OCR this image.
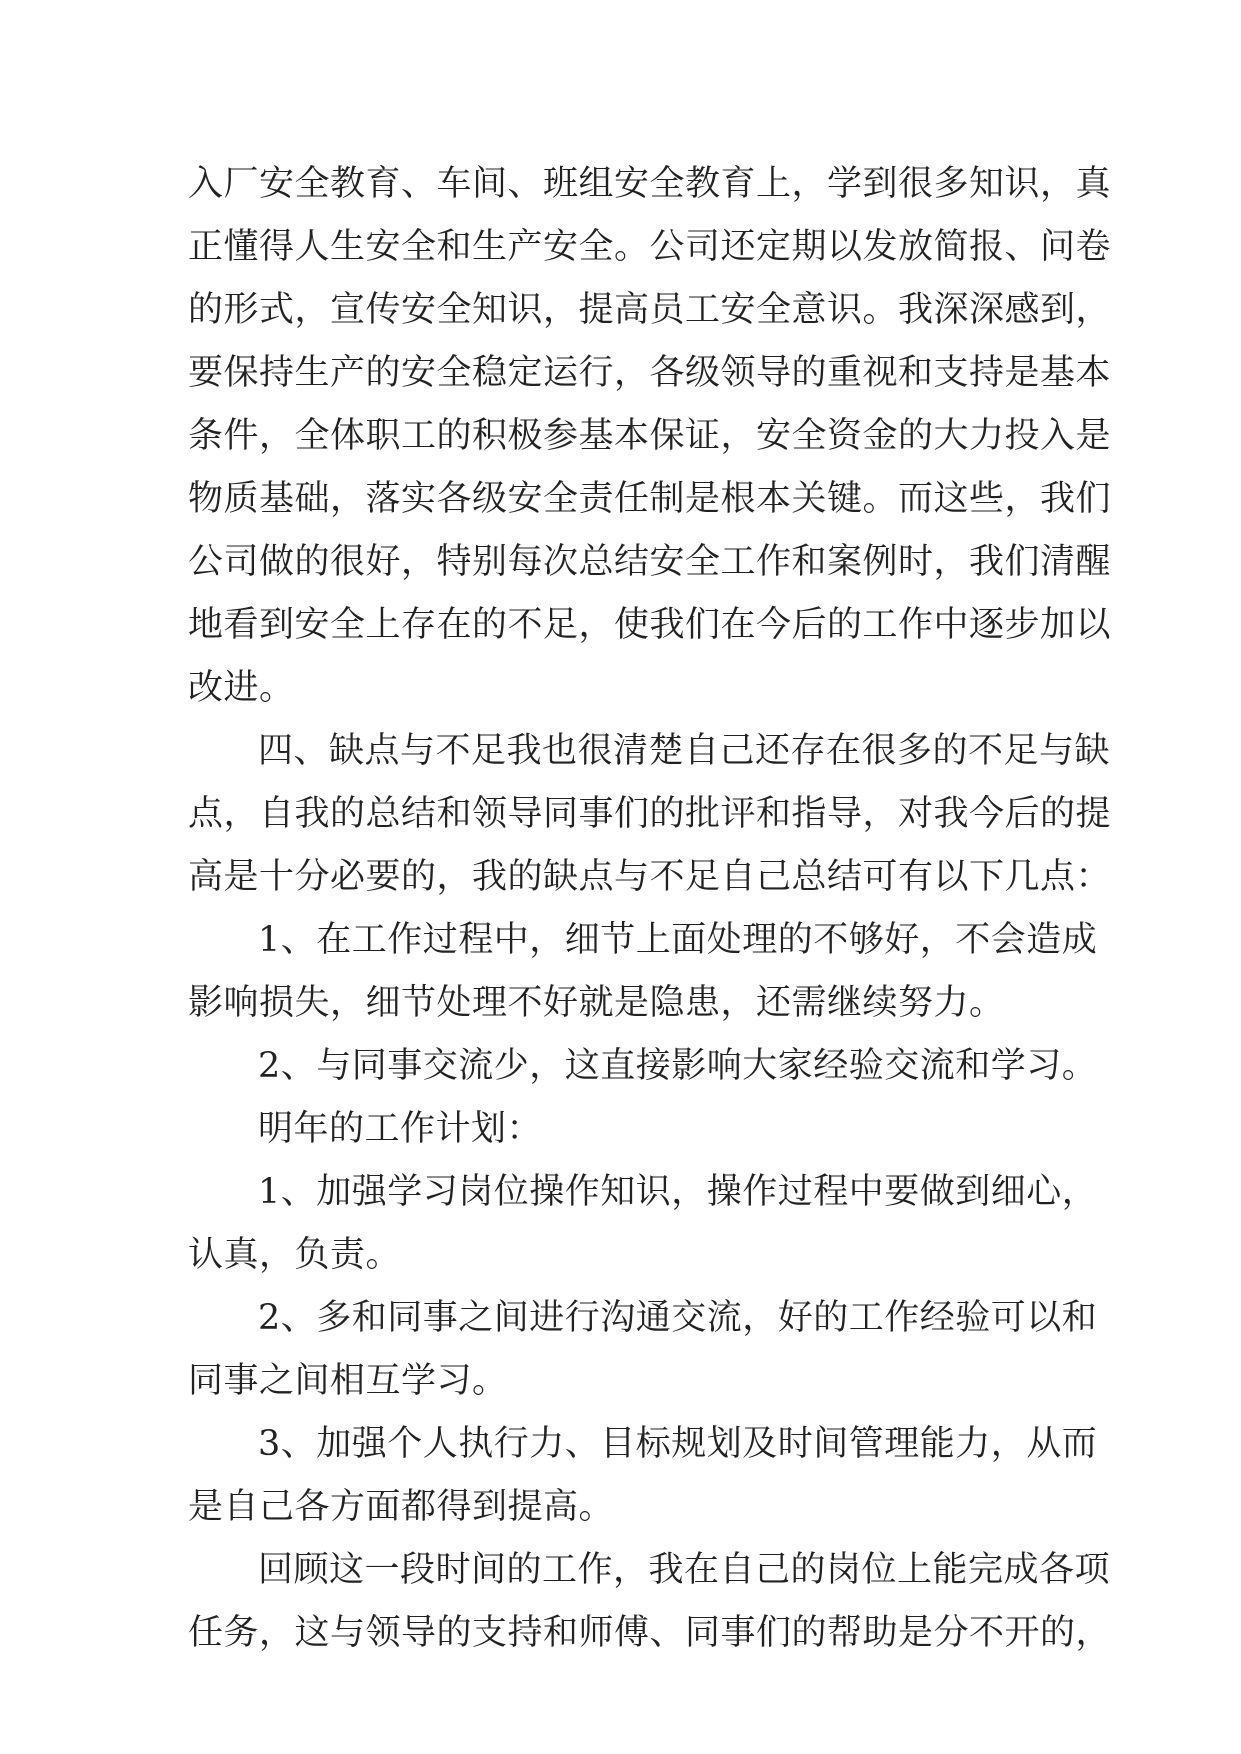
入厂安全教育、车间、班组安全教育上，学到很多知识，真
正懂得人生安全和生产安全。公司还定期以发放简报、问卷
的形式，宣传安全知识，提高员工安全意识。我深深感到，
要保持生产的安全稳定运行，各级领导的重视和支持是基本
条件，全体职工的积极参基本保证，安全资金的大力投入是
物质基础，落实各级安全责任制是根本关键。而这些，我们
公司做的很好，特别每次总结安全工作和案例时，我们清醒
地看到安全上存在的不足，使我们在今后的工作中逐步加以
改进。
四、缺点与不足我也很清楚自己还存在很多的不足与缺
点，自我的总结和领导同事们的批评和指导，对我今后的提
高是十分必要的，我的缺点与不足自己总结可有以下几点：
1、在工作过程中，细节上面处理的不够好，不会造成
影响损失，细节处理不好就是隐患，还需继续努力。
2、与同事交流少，这直接影响大家经验交流和学习。
明年的工作计划：
1、加强学习岗位操作知识，操作过程中要做到细心，
认真，负责。
2、多和同事之间进行沟通交流，好的工作经验可以和
同事之间相互学习。
3、加强个人执行力、目标规划及时间管理能力，从而
是自己各方面都得到提高。
回顾这一段时间的工作，我在自己的岗位上能完成各项
任务，这与领导的支持和师傅、同事们的帮助是分不开的，
